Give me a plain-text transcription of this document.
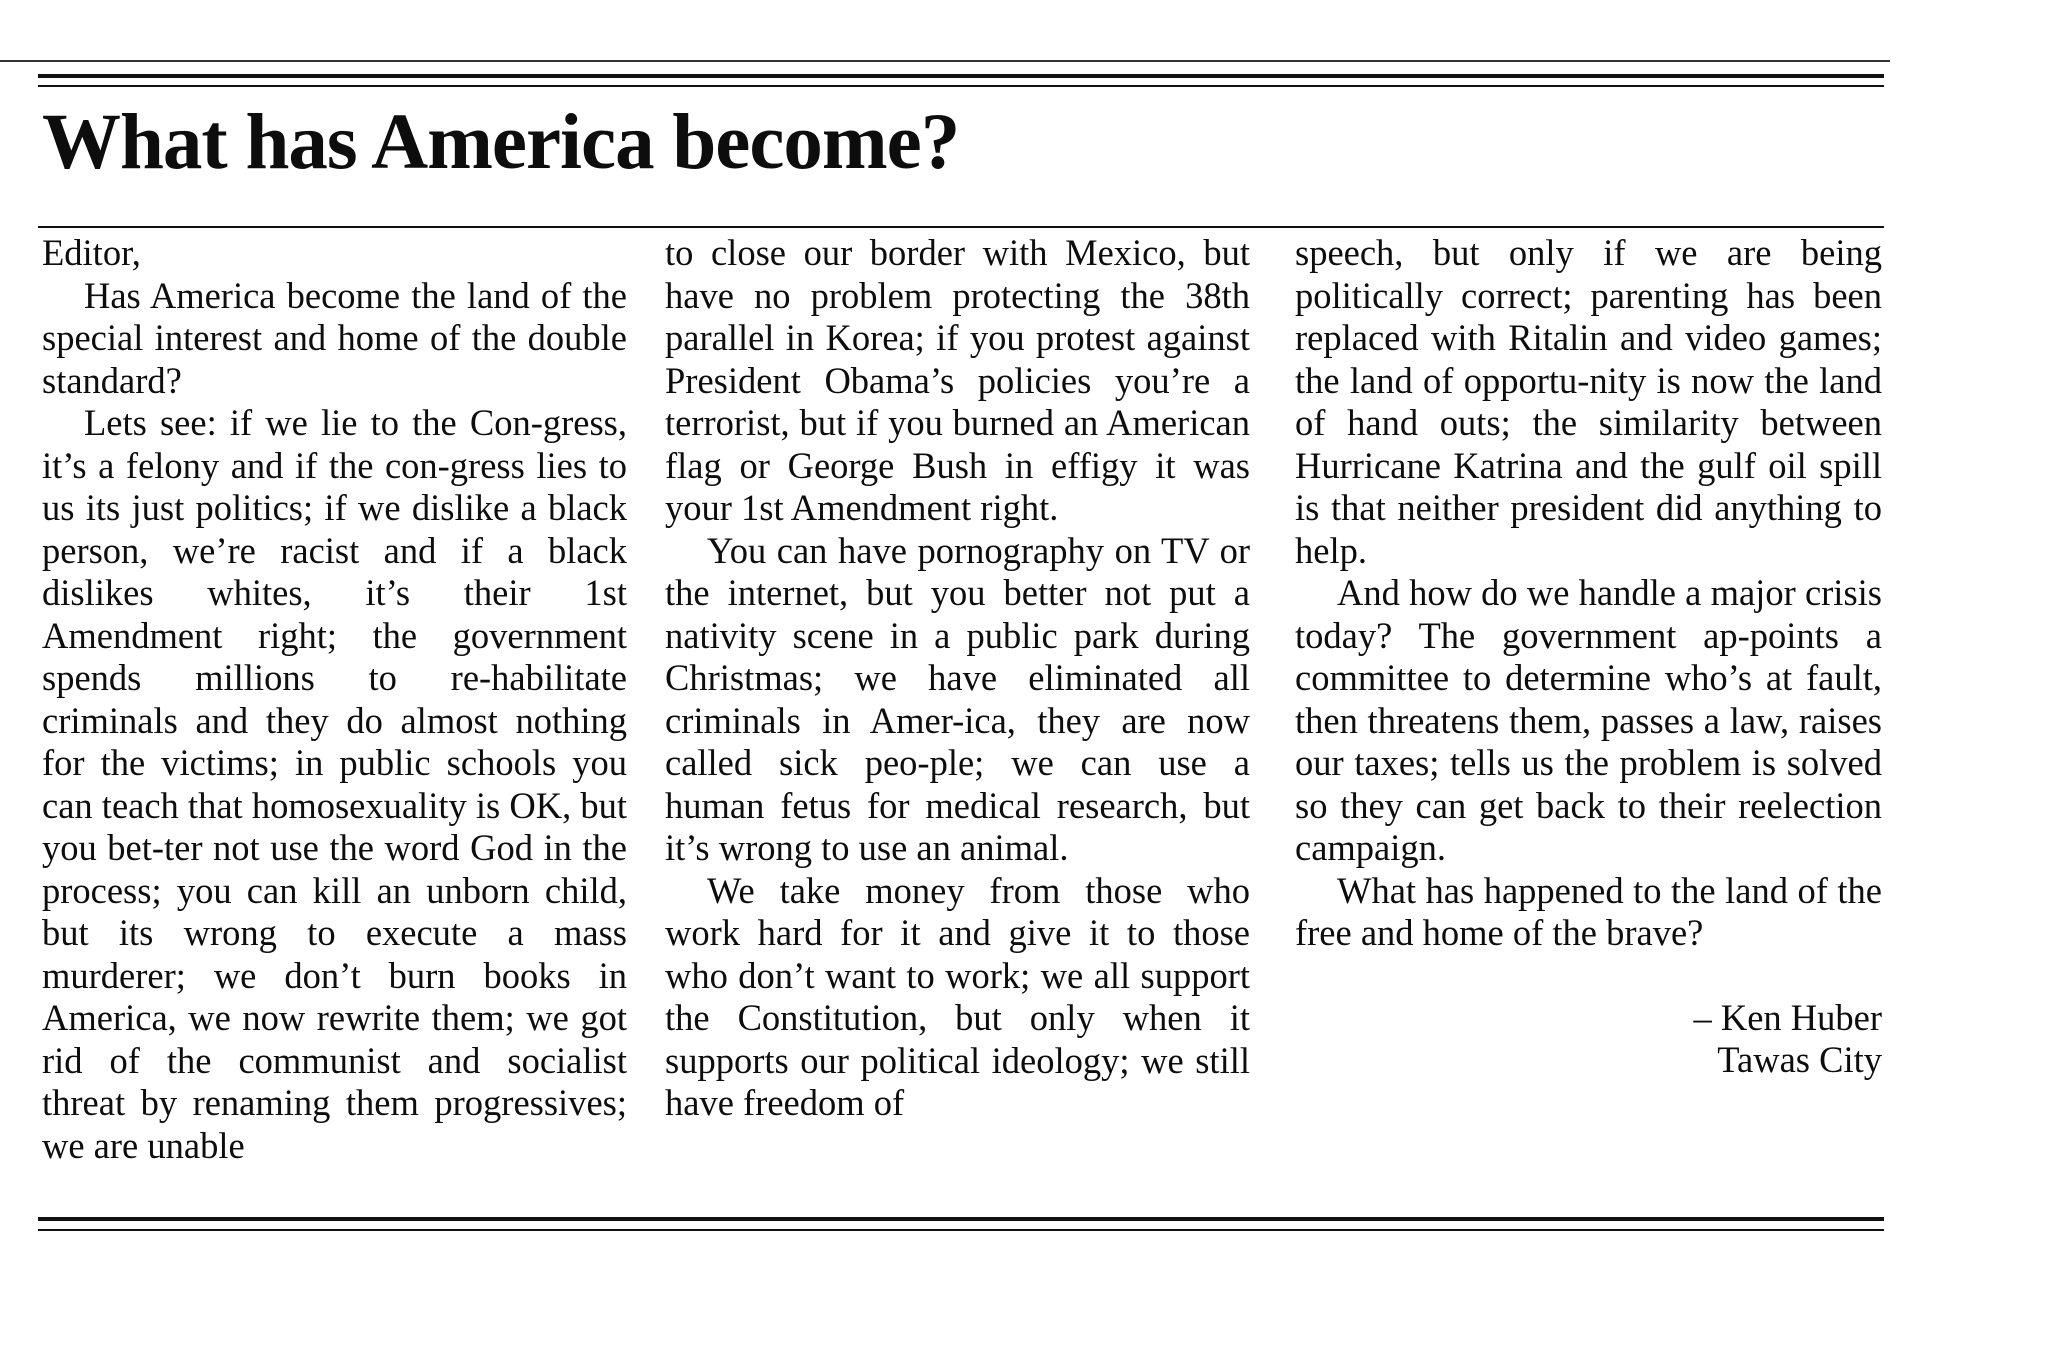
What has America become?

Editor,

Has America become the land of the special interest and home of the double standard?

Lets see: if we lie to the Con-gress, it’s a felony and if the con-gress lies to us its just politics; if we dislike a black person, we’re racist and if a black dislikes whites, it’s their 1st Amendment right; the government spends millions to re-habilitate criminals and they do almost nothing for the victims; in public schools you can teach that homosexuality is OK, but you bet-ter not use the word God in the process; you can kill an unborn child, but its wrong to execute a mass murderer; we don’t burn books in America, we now rewrite them; we got rid of the communist and socialist threat by renaming them progressives; we are unable

to close our border with Mexico, but have no problem protecting the 38th parallel in Korea; if you protest against President Obama’s policies you’re a terrorist, but if you burned an American flag or George Bush in effigy it was your 1st Amendment right.

You can have pornography on TV or the internet, but you better not put a nativity scene in a public park during Christmas; we have eliminated all criminals in Amer-ica, they are now called sick peo-ple; we can use a human fetus for medical research, but it’s wrong to use an animal.

We take money from those who work hard for it and give it to those who don’t want to work; we all support the Constitution, but only when it supports our political ideology; we still have freedom of

speech, but only if we are being politically correct; parenting has been replaced with Ritalin and video games; the land of opportu-nity is now the land of hand outs; the similarity between Hurricane Katrina and the gulf oil spill is that neither president did anything to help.

And how do we handle a major crisis today? The government ap-points a committee to determine who’s at fault, then threatens them, passes a law, raises our taxes; tells us the problem is solved so they can get back to their reelection campaign.

What has happened to the land of the free and home of the brave?

– Ken Huber
Tawas City
